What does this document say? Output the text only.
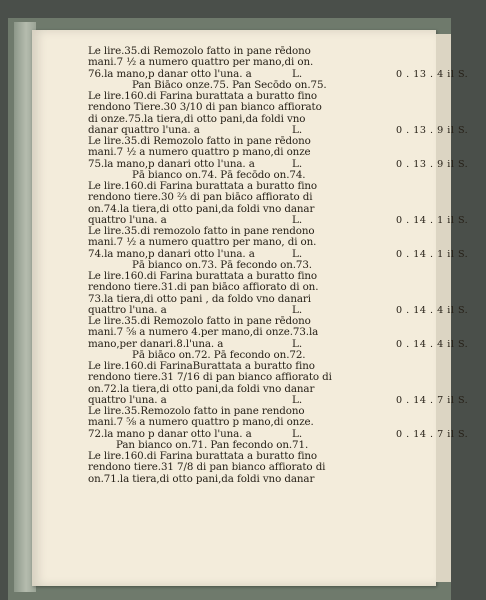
Le lire.35.di Remozolo fatto in pane rēdono
mani.7 ½ a numero quattro per mano,di on.
76.la mano,p danar otto l'una. a	L.	0 . 13 . 4 il S.
Pan Biāco onze.75. Pan Secōdo on.75.
Le lire.160.di Farina burattata a buratto fino
rendono Tiere.30 3/10 di pan bianco affiorato
di onze.75.la tiera,di otto pani,da foldi vno
danar quattro l'una. a	L.	0 . 13 . 9 il S.
Le lire.35.di Remozolo fatto in pane rēdono
mani.7 ½ a numero quattro p mano,di onze
75.la mano,p danari otto l'una. a	L.	0 . 13 . 9 il S.
Pā bianco on.74. Pā fecōdo on.74.
Le lire.160.di Farina burattata a buratto fino
rendono tiere.30 ⅔ di pan biāco affiorato di
on.74.la tiera,di otto pani,da foldi vno danar
quattro l'una. a	L.	0 . 14 . 1 il S.
Le lire.35.di remozolo fatto in pane rendono
mani.7 ½ a numero quattro per mano, di on.
74.la mano,p danari otto l'una. a	L.	0 . 14 . 1 il S.
Pā bianco on.73. Pā fecondo on.73.
Le lire.160.di Farina burattata a buratto fino
rendono tiere.31.di pan biāco affiorato di on.
73.la tiera,di otto pani , da foldo vno danari
quattro l'una. a	L.	0 . 14 . 4 il S.
Le lire.35.di Remozolo fatto in pane rēdono
mani.7 ⅝ a numero 4.per mano,di onze.73.la
mano,per danari.8.l'una. a	L.	0 . 14 . 4 il S.
Pā biāco on.72. Pā fecondo on.72.
Le lire.160.di FarinaBurattata a buratto fino
rendono tiere.31 7/16 di pan bianco affiorato di
on.72.la tiera,di otto pani,da foldi vno danar
quattro l'una. a	L.	0 . 14 . 7 il S.
Le lire.35.Remozolo fatto in pane rendono
mani.7 ⅝ a numero quattro p mano,di onze.
72.la mano p danar otto l'una. a	L.	0 . 14 . 7 il S.
Pan bianco on.71. Pan fecondo on.71.
Le lire.160.di Farina burattata a buratto fino
rendono tiere.31 7/8 di pan bianco affiorato di
on.71.la tiera,di otto pani,da foldi vno danar
